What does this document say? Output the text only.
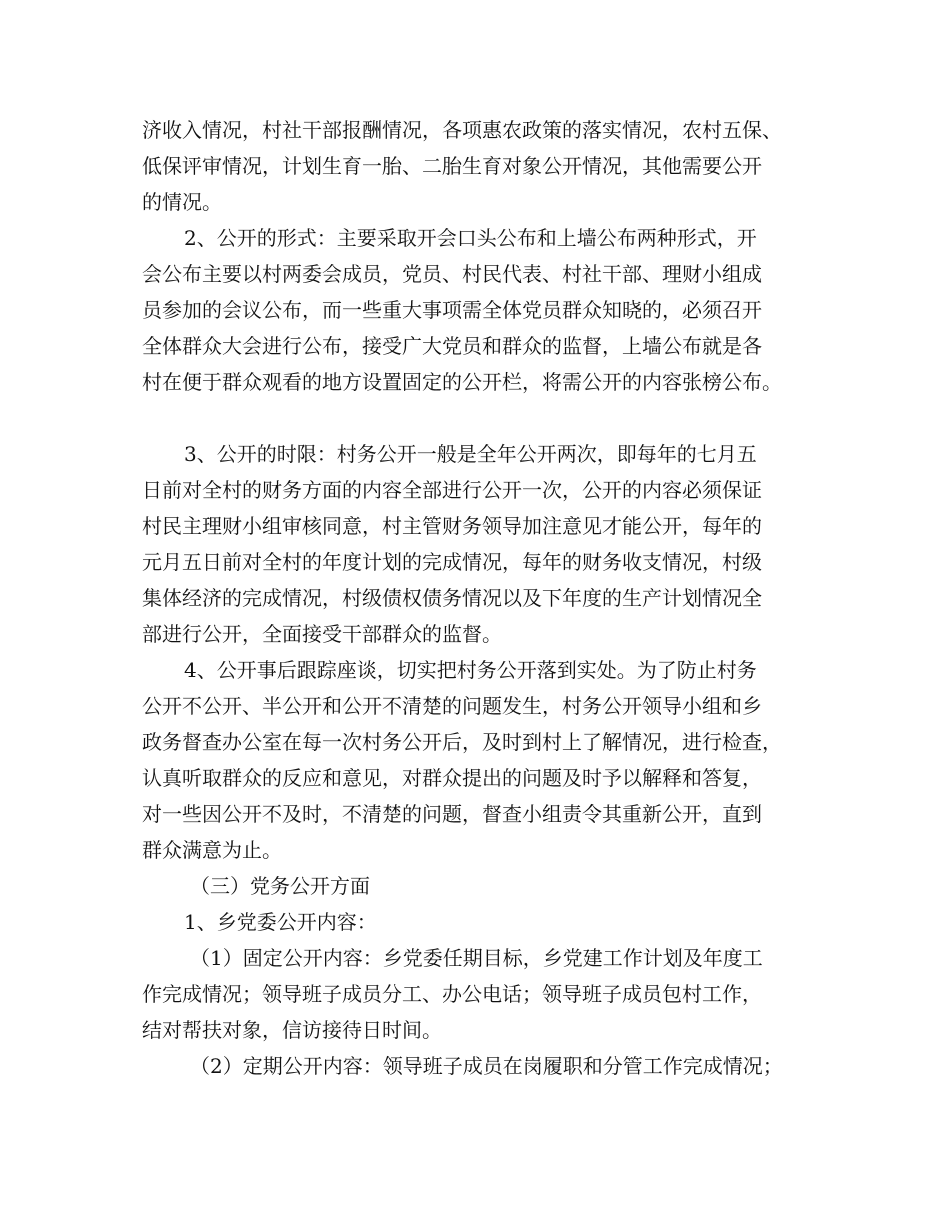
济收入情况，村社干部报酬情况，各项惠农政策的落实情况，农村五保、
低保评审情况，计划生育一胎、二胎生育对象公开情况，其他需要公开
的情况。
2、公开的形式：主要采取开会口头公布和上墙公布两种形式，开
会公布主要以村两委会成员，党员、村民代表、村社干部、理财小组成
员参加的会议公布，而一些重大事项需全体党员群众知晓的，必须召开
全体群众大会进行公布，接受广大党员和群众的监督，上墙公布就是各
村在便于群众观看的地方设置固定的公开栏，将需公开的内容张榜公布。
3、公开的时限：村务公开一般是全年公开两次，即每年的七月五
日前对全村的财务方面的内容全部进行公开一次，公开的内容必须保证
村民主理财小组审核同意，村主管财务领导加注意见才能公开，每年的
元月五日前对全村的年度计划的完成情况，每年的财务收支情况，村级
集体经济的完成情况，村级债权债务情况以及下年度的生产计划情况全
部进行公开，全面接受干部群众的监督。
4、公开事后跟踪座谈，切实把村务公开落到实处。为了防止村务
公开不公开、半公开和公开不清楚的问题发生，村务公开领导小组和乡
政务督查办公室在每一次村务公开后，及时到村上了解情况，进行检查，
认真听取群众的反应和意见，对群众提出的问题及时予以解释和答复，
对一些因公开不及时，不清楚的问题，督查小组责令其重新公开，直到
群众满意为止。
（三）党务公开方面
1、乡党委公开内容：
（1）固定公开内容：乡党委任期目标，乡党建工作计划及年度工
作完成情况；领导班子成员分工、办公电话；领导班子成员包村工作，
结对帮扶对象，信访接待日时间。
（2）定期公开内容：领导班子成员在岗履职和分管工作完成情况；
